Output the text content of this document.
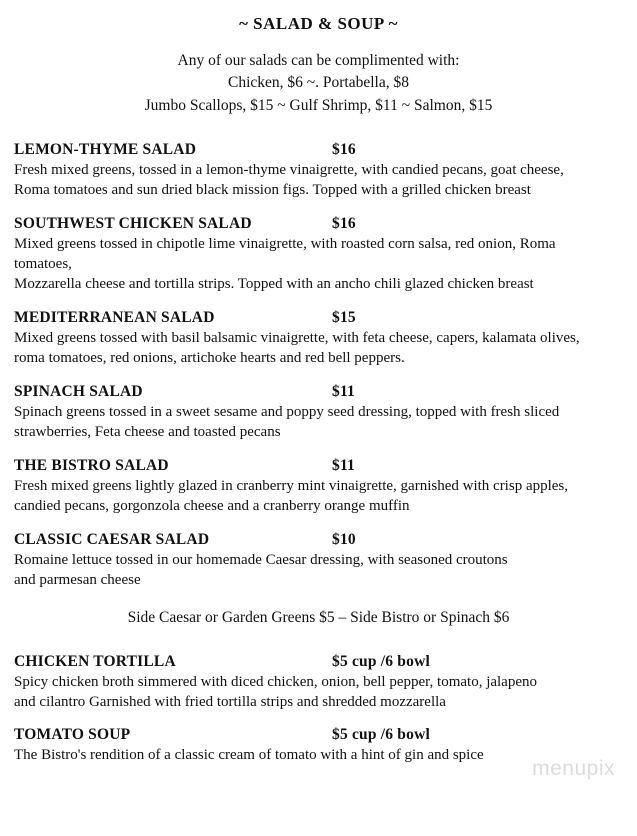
~ SALAD & SOUP ~
Any of our salads can be complimented with:
Chicken, $6 ~. Portabella, $8
Jumbo Scallops, $15 ~ Gulf Shrimp, $11 ~ Salmon, $15
LEMON-THYME SALAD	$16
Fresh mixed greens, tossed in a lemon-thyme vinaigrette, with candied pecans, goat cheese,
Roma tomatoes and sun dried black mission figs. Topped with a grilled chicken breast
SOUTHWEST CHICKEN SALAD	$16
Mixed greens tossed in chipotle lime vinaigrette, with roasted corn salsa, red onion, Roma
tomatoes,
Mozzarella cheese and tortilla strips. Topped with an ancho chili glazed chicken breast
MEDITERRANEAN SALAD	$15
Mixed greens tossed with basil balsamic vinaigrette, with feta cheese, capers, kalamata olives,
roma tomatoes, red onions, artichoke hearts and red bell peppers.
SPINACH SALAD	$11
Spinach greens tossed in a sweet sesame and poppy seed dressing, topped with fresh sliced
strawberries, Feta cheese and toasted pecans
THE BISTRO SALAD	$11
Fresh mixed greens lightly glazed in cranberry mint vinaigrette, garnished with crisp apples,
candied pecans, gorgonzola cheese and a cranberry orange muffin
CLASSIC CAESAR SALAD	$10
Romaine lettuce tossed in our homemade Caesar dressing, with seasoned croutons
and parmesan cheese
Side Caesar or Garden Greens $5 – Side Bistro or Spinach $6
CHICKEN TORTILLA	$5 cup /6 bowl
Spicy chicken broth simmered with diced chicken, onion, bell pepper, tomato, jalapeno
and cilantro Garnished with fried tortilla strips and shredded mozzarella
TOMATO SOUP	$5 cup /6 bowl
The Bistro's rendition of a classic cream of tomato with a hint of gin and spice
menupix
